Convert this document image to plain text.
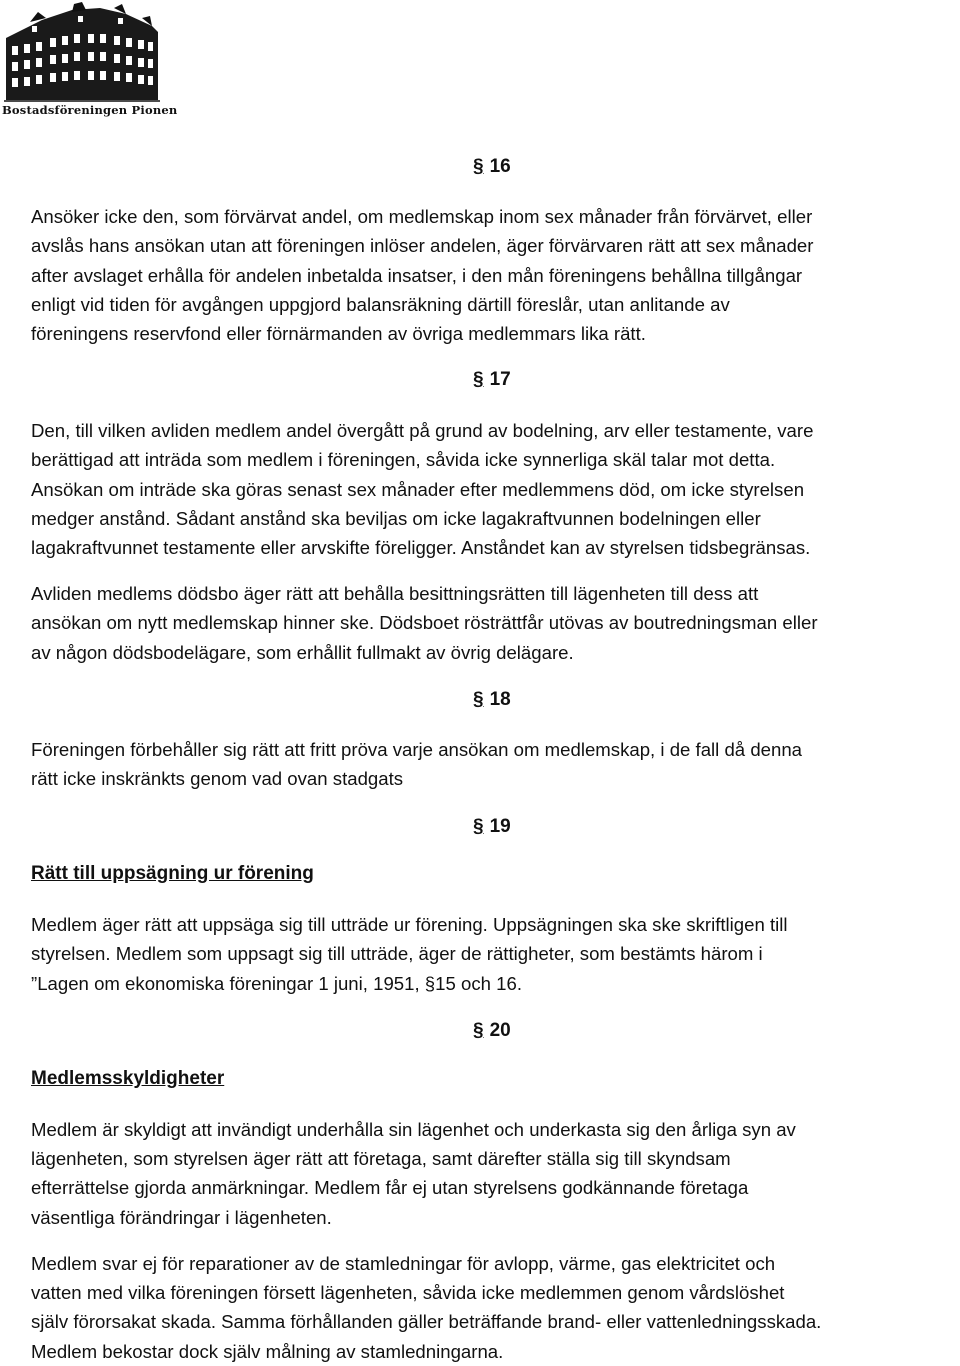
Bostadsföreningen Pionen
§ 16

Ansöker icke den, som förvärvat andel, om medlemskap inom sex månader från förvärvet, eller
avslås hans ansökan utan att föreningen inlöser andelen, äger förvärvaren rätt att sex månader
after avslaget erhålla för andelen inbetalda insatser, i den mån föreningens behållna tillgångar
enligt vid tiden för avgången uppgjord balansräkning därtill föreslår, utan anlitande av
föreningens reservfond eller förnärmanden av övriga medlemmars lika rätt.

§ 17

Den, till vilken avliden medlem andel övergått på grund av bodelning, arv eller testamente, vare
berättigad att inträda som medlem i föreningen, såvida icke synnerliga skäl talar mot detta.
Ansökan om inträde ska göras senast sex månader efter medlemmens död, om icke styrelsen
medger anstånd. Sådant anstånd ska beviljas om icke lagakraftvunnen bodelningen eller
lagakraftvunnet testamente eller arvskifte föreligger. Anståndet kan av styrelsen tidsbegränsas.

Avliden medlems dödsbo äger rätt att behålla besittningsrätten till lägenheten till dess att
ansökan om nytt medlemskap hinner ske. Dödsboet rösträttfår utövas av boutredningsman eller
av någon dödsbodelägare, som erhållit fullmakt av övrig delägare.

§ 18

Föreningen förbehåller sig rätt att fritt pröva varje ansökan om medlemskap, i de fall då denna
rätt icke inskränkts genom vad ovan stadgats

§ 19
Rätt till uppsägning ur förening

Medlem äger rätt att uppsäga sig till utträde ur förening. Uppsägningen ska ske skriftligen till
styrelsen. Medlem som uppsagt sig till utträde, äger de rättigheter, som bestämts härom i
”Lagen om ekonomiska föreningar 1 juni, 1951, §15 och 16.

§ 20
Medlemsskyldigheter

Medlem är skyldigt att invändigt underhålla sin lägenhet och underkasta sig den årliga syn av
lägenheten, som styrelsen äger rätt att företaga, samt därefter ställa sig till skyndsam
efterrättelse gjorda anmärkningar. Medlem får ej utan styrelsens godkännande företaga
väsentliga förändringar i lägenheten.

Medlem svar ej för reparationer av de stamledningar för avlopp, värme, gas elektricitet och
vatten med vilka föreningen försett lägenheten, såvida icke medlemmen genom vårdslöshet
själv förorsakat skada. Samma förhållanden gäller beträffande brand- eller vattenledningsskada.
Medlem bekostar dock själv målning av stamledningarna.
